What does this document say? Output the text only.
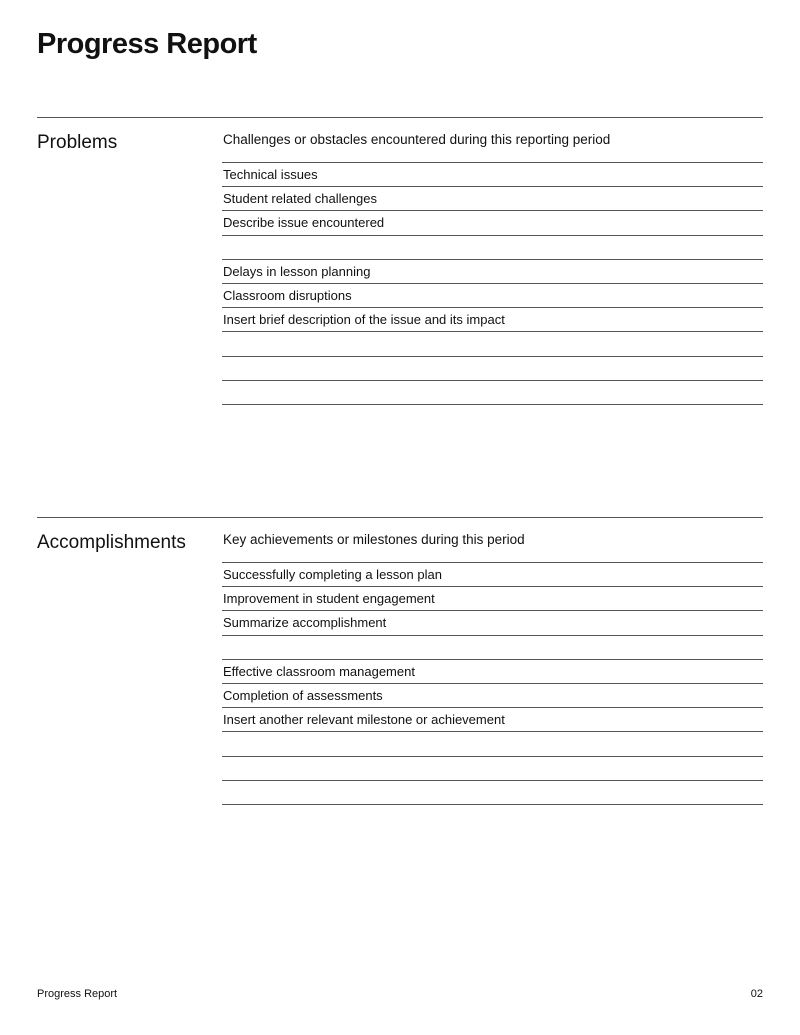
Progress Report
Problems	Challenges or obstacles encountered during this reporting period
Technical issues
Student related challenges
Describe issue encountered
Delays in lesson planning
Classroom disruptions
Insert brief description of the issue and its impact
Accomplishments	Key achievements or milestones during this period
Successfully completing a lesson plan
Improvement in student engagement
Summarize accomplishment
Effective classroom management
Completion of assessments
Insert another relevant milestone or achievement
Progress Report	02
